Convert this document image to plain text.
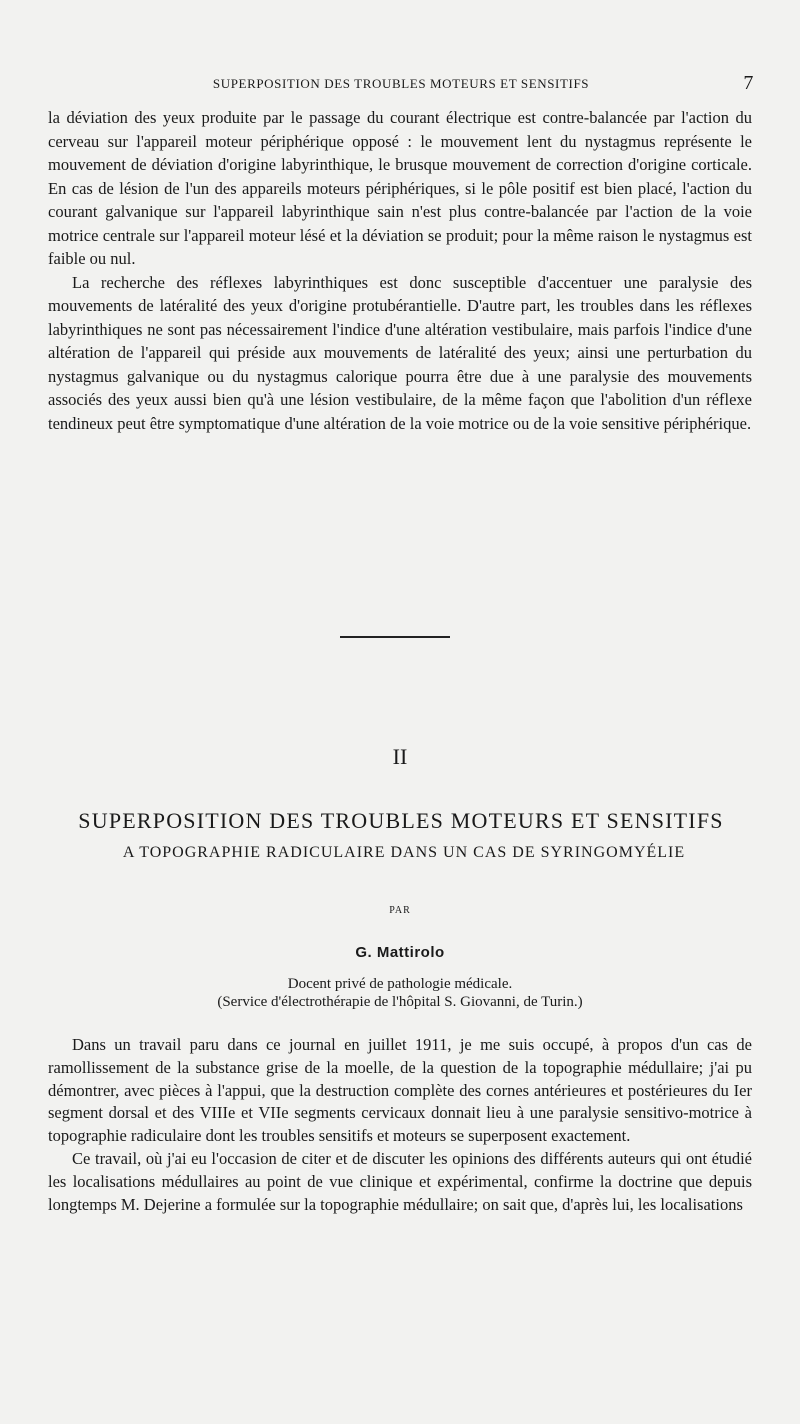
SUPERPOSITION DES TROUBLES MOTEURS ET SENSITIFS	7

la déviation des yeux produite par le passage du courant électrique est contre-balancée par l'action du cerveau sur l'appareil moteur périphérique opposé : le mouvement lent du nystagmus représente le mouvement de déviation d'origine labyrinthique, le brusque mouvement de correction d'origine corticale. En cas de lésion de l'un des appareils moteurs périphériques, si le pôle positif est bien placé, l'action du courant galvanique sur l'appareil labyrinthique sain n'est plus contre-balancée par l'action de la voie motrice centrale sur l'appareil moteur lésé et la déviation se produit; pour la même raison le nystagmus est faible ou nul.

La recherche des réflexes labyrinthiques est donc susceptible d'accentuer une paralysie des mouvements de latéralité des yeux d'origine protubérantielle. D'autre part, les troubles dans les réflexes labyrinthiques ne sont pas nécessairement l'indice d'une altération vestibulaire, mais parfois l'indice d'une altération de l'appareil qui préside aux mouvements de latéralité des yeux; ainsi une perturbation du nystagmus galvanique ou du nystagmus calorique pourra être due à une paralysie des mouvements associés des yeux aussi bien qu'à une lésion vestibulaire, de la même façon que l'abolition d'un réflexe tendineux peut être symptomatique d'une altération de la voie motrice ou de la voie sensitive périphérique.

II
SUPERPOSITION DES TROUBLES MOTEURS ET SENSITIFS
A TOPOGRAPHIE RADICULAIRE DANS UN CAS DE SYRINGOMYÉLIE
PAR
G. Mattirolo
Docent privé de pathologie médicale.
(Service d'électrothérapie de l'hôpital S. Giovanni, de Turin.)

Dans un travail paru dans ce journal en juillet 1911, je me suis occupé, à propos d'un cas de ramollissement de la substance grise de la moelle, de la question de la topographie médullaire; j'ai pu démontrer, avec pièces à l'appui, que la destruction complète des cornes antérieures et postérieures du Ier segment dorsal et des VIIIe et VIIe segments cervicaux donnait lieu à une paralysie sensitivo-motrice à topographie radiculaire dont les troubles sensitifs et moteurs se superposent exactement.

Ce travail, où j'ai eu l'occasion de citer et de discuter les opinions des différents auteurs qui ont étudié les localisations médullaires au point de vue clinique et expérimental, confirme la doctrine que depuis longtemps M. Dejerine a formulée sur la topographie médullaire; on sait que, d'après lui, les localisations
